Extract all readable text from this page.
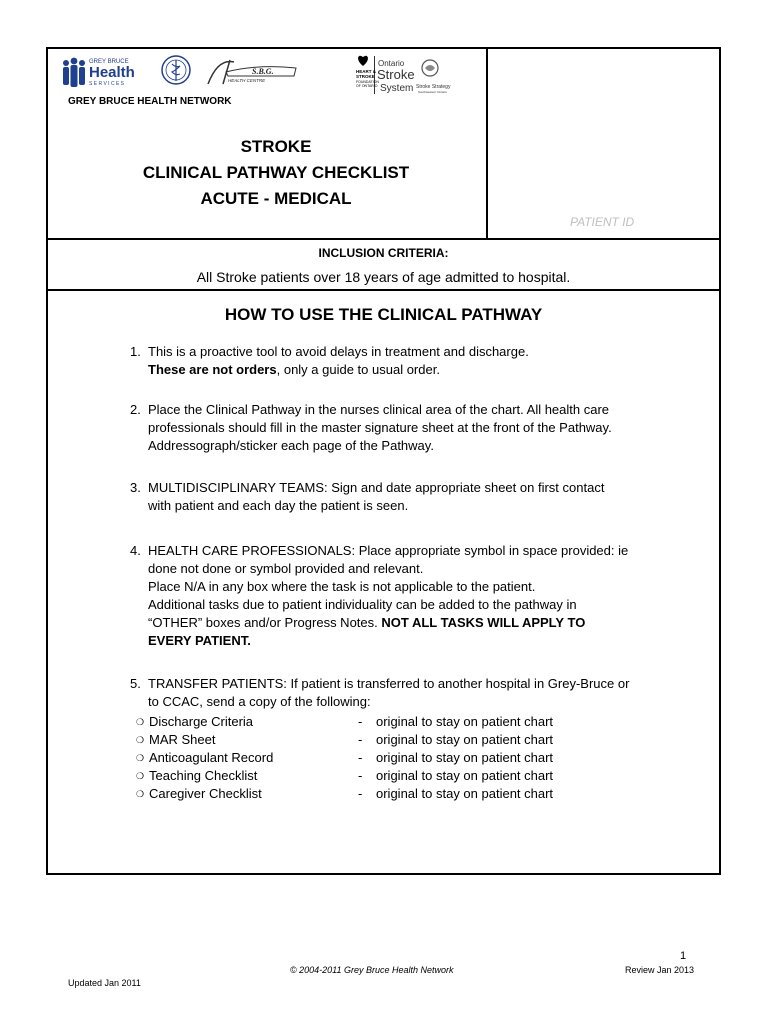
GREY BRUCE
Health
S E R V I C E S
S.B.G.
HEALTH CENTRE
HEART &
STROKE
FOUNDATION
OF ONTARIO
Ontario
Stroke
System Stroke Strategy
Southwestern Ontario
GREY BRUCE HEALTH NETWORK
STROKE
CLINICAL PATHWAY CHECKLIST
ACUTE - MEDICAL
PATIENT ID
INCLUSION CRITERIA:
All Stroke patients over 18 years of age admitted to hospital.
HOW TO USE THE CLINICAL PATHWAY
1. This is a proactive tool to avoid delays in treatment and discharge.
These are not orders, only a guide to usual order.
2. Place the Clinical Pathway in the nurses clinical area of the chart. All health care professionals should fill in the master signature sheet at the front of the Pathway. Addressograph/sticker each page of the Pathway.
3. MULTIDISCIPLINARY TEAMS: Sign and date appropriate sheet on first contact with patient and each day the patient is seen.
4. HEALTH CARE PROFESSIONALS: Place appropriate symbol in space provided: ie done not done or symbol provided and relevant.
Place N/A in any box where the task is not applicable to the patient.
Additional tasks due to patient individuality can be added to the pathway in “OTHER” boxes and/or Progress Notes. NOT ALL TASKS WILL APPLY TO EVERY PATIENT.
5. TRANSFER PATIENTS: If patient is transferred to another hospital in Grey-Bruce or to CCAC, send a copy of the following:
❍ Discharge Criteria	- original to stay on patient chart
❍ MAR Sheet	- original to stay on patient chart
❍ Anticoagulant Record	- original to stay on patient chart
❍ Teaching Checklist	- original to stay on patient chart
❍ Caregiver Checklist	- original to stay on patient chart
1
© 2004-2011 Grey Bruce Health Network	Review Jan 2013
Updated Jan 2011
